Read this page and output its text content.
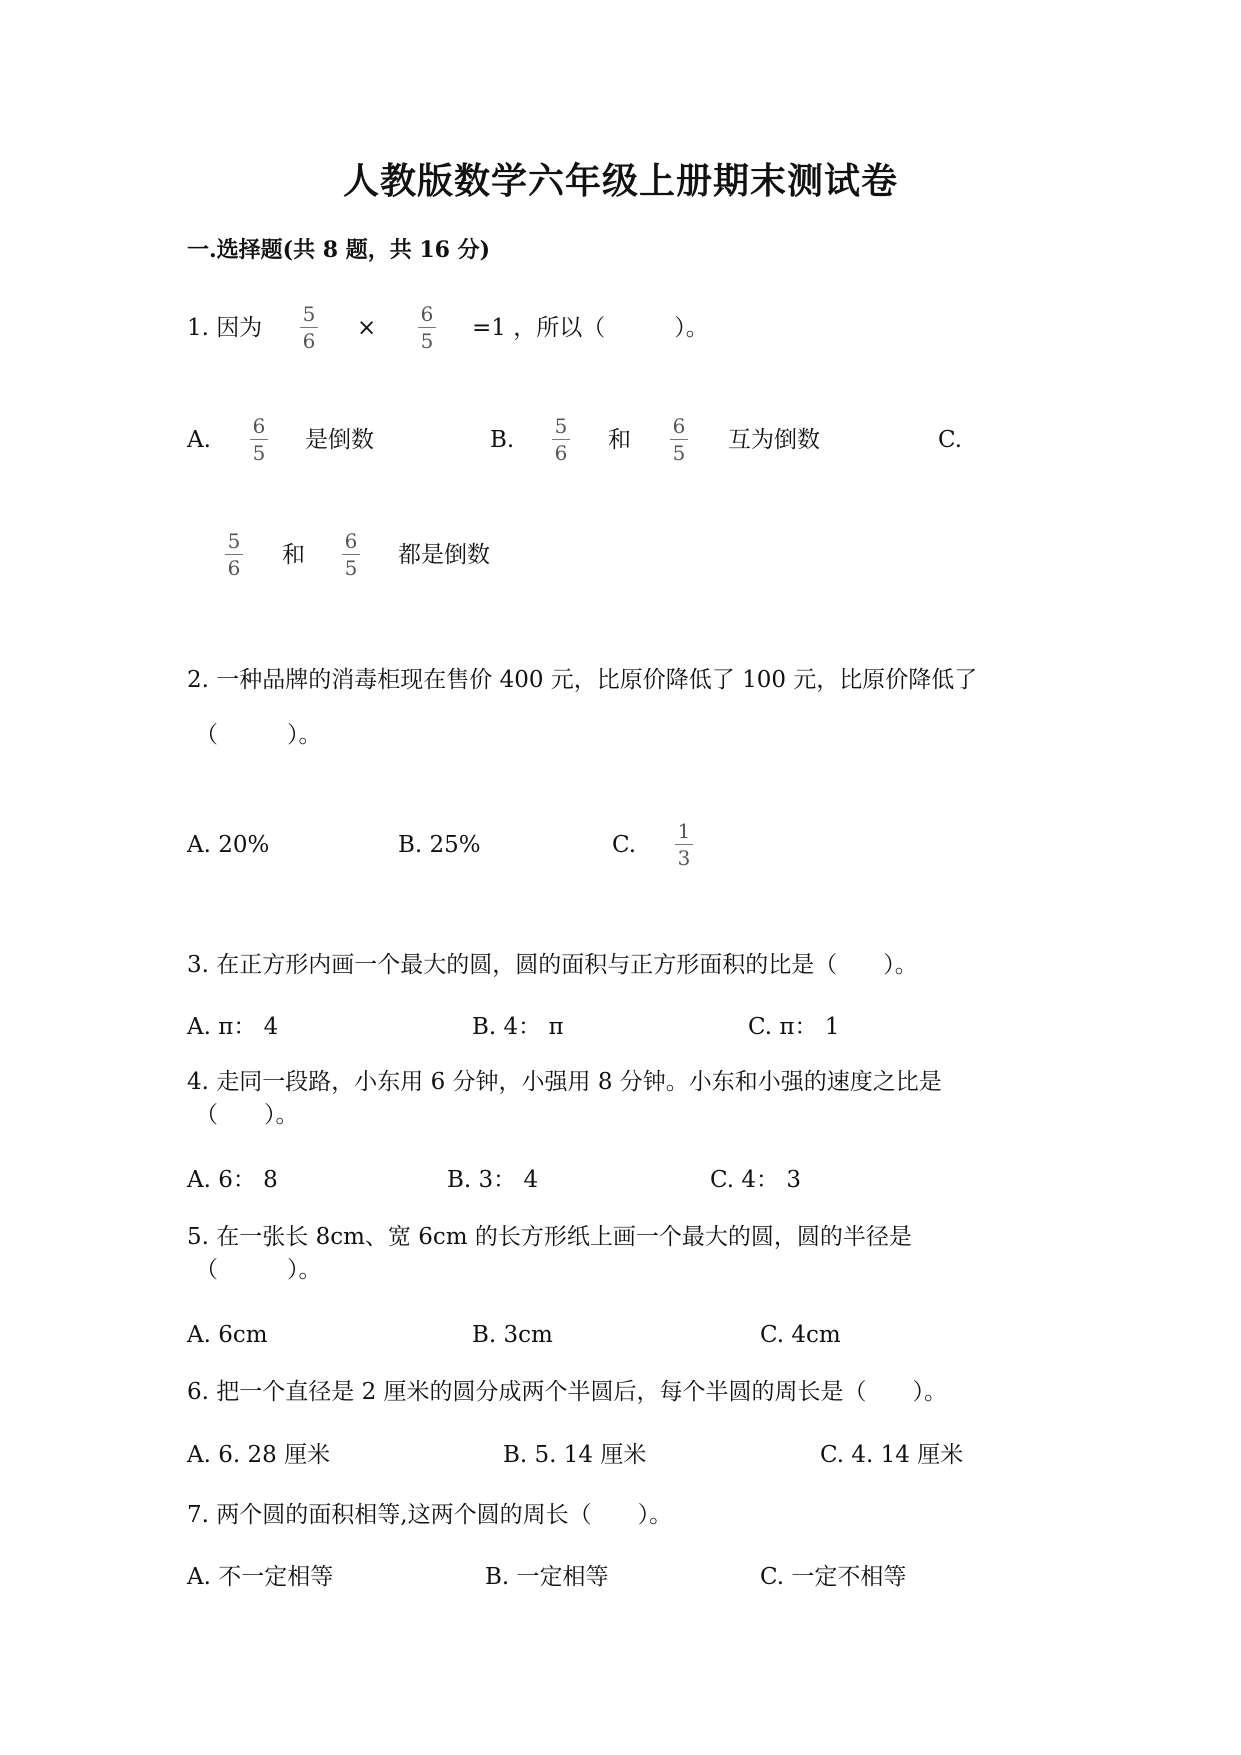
人教版数学六年级上册期末测试卷
一.选择题(共 8 题，共 16 分)
1. 因为
5
6 ×
6
5 =1 ，所以（　　　）。
A.
6
5 是倒数	B.
5
6 和
6
5 互为倒数	C.
5
6 和
6
5 都是倒数
2. 一种品牌的消毒柜现在售价 400 元，比原价降低了 100 元，比原价降低了
（　　　）。
A. 20%	B. 25%	C.
1
3
3. 在正方形内画一个最大的圆，圆的面积与正方形面积的比是（　　）。
A. π： 4	B. 4： π	C. π： 1
4. 走同一段路，小东用 6 分钟，小强用 8 分钟。小东和小强的速度之比是
（　　）。
A. 6： 8	B. 3： 4	C. 4： 3
5. 在一张长 8cm、宽 6cm 的长方形纸上画一个最大的圆，圆的半径是
（　　　）。
A. 6cm	B. 3cm	C. 4cm
6. 把一个直径是 2 厘米的圆分成两个半圆后，每个半圆的周长是（　　）。
A. 6. 28 厘米	B. 5. 14 厘米	C. 4. 14 厘米
7. 两个圆的面积相等,这两个圆的周长（　　）。
A. 不一定相等	B. 一定相等	C. 一定不相等
